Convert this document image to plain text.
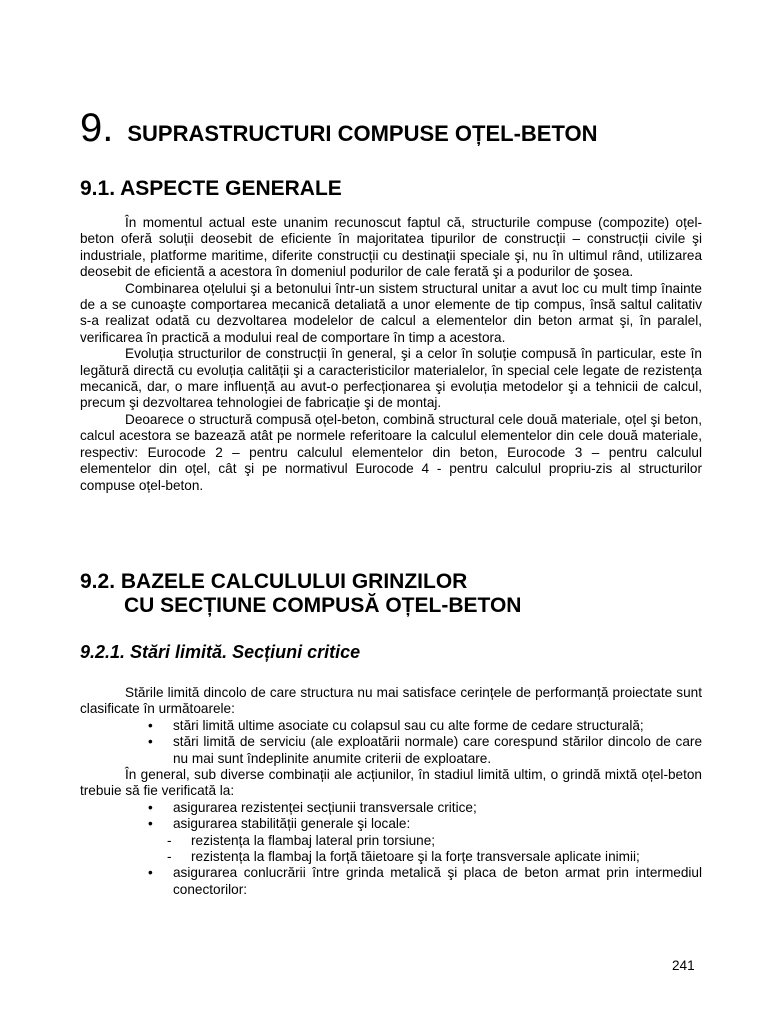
9. SUPRASTRUCTURI COMPUSE OȚEL-BETON
9.1. ASPECTE GENERALE

În momentul actual este unanim recunoscut faptul că, structurile compuse (compozite) oțel-beton oferă soluții deosebit de eficiente în majoritatea tipurilor de construcții – construcții civile şi industriale, platforme maritime, diferite construcții cu destinații speciale şi, nu în ultimul rând, utilizarea deosebit de eficientă a acestora în domeniul podurilor de cale ferată şi a podurilor de şosea.

Combinarea oțelului şi a betonului într-un sistem structural unitar a avut loc cu mult timp înainte de a se cunoaşte comportarea mecanică detaliată a unor elemente de tip compus, însă saltul calitativ s-a realizat odată cu dezvoltarea modelelor de calcul a elementelor din beton armat şi, în paralel, verificarea în practică a modului real de comportare în timp a acestora.

Evoluția structurilor de construcții în general, şi a celor în soluție compusă în particular, este în legătură directă cu evoluția calității şi a caracteristicilor materialelor, în special cele legate de rezistența mecanică, dar, o mare influență au avut-o perfecționarea şi evoluția metodelor şi a tehnicii de calcul, precum şi dezvoltarea tehnologiei de fabricație şi de montaj.

Deoarece o structură compusă oțel-beton, combină structural cele două materiale, oțel şi beton, calcul acestora se bazează atât pe normele referitoare la calculul elementelor din cele două materiale, respectiv: Eurocode 2 – pentru calculul elementelor din beton, Eurocode 3 – pentru calculul elementelor din oțel, cât şi pe normativul Eurocode 4 - pentru calculul propriu-zis al structurilor compuse oțel-beton.

9.2. BAZELE CALCULULUI GRINZILOR
CU SECȚIUNE COMPUSĂ OȚEL-BETON
9.2.1. Stări limită. Secțiuni critice

Stările limită dincolo de care structura nu mai satisface cerințele de performanță proiectate sunt clasificate în următoarele:

• stări limită ultime asociate cu colapsul sau cu alte forme de cedare structurală;
• stări limită de serviciu (ale exploatării normale) care corespund stărilor dincolo de care nu mai sunt îndeplinite anumite criterii de exploatare.

În general, sub diverse combinații ale acțiunilor, în stadiul limită ultim, o grindă mixtă oțel-beton trebuie să fie verificată la:

• asigurarea rezistenței secțiunii transversale critice;
• asigurarea stabilității generale şi locale:
- rezistența la flambaj lateral prin torsiune;
- rezistența la flambaj la forță tăietoare şi la forțe transversale aplicate inimii;
• asigurarea conlucrării între grinda metalică şi placa de beton armat prin intermediul conectorilor:
241
